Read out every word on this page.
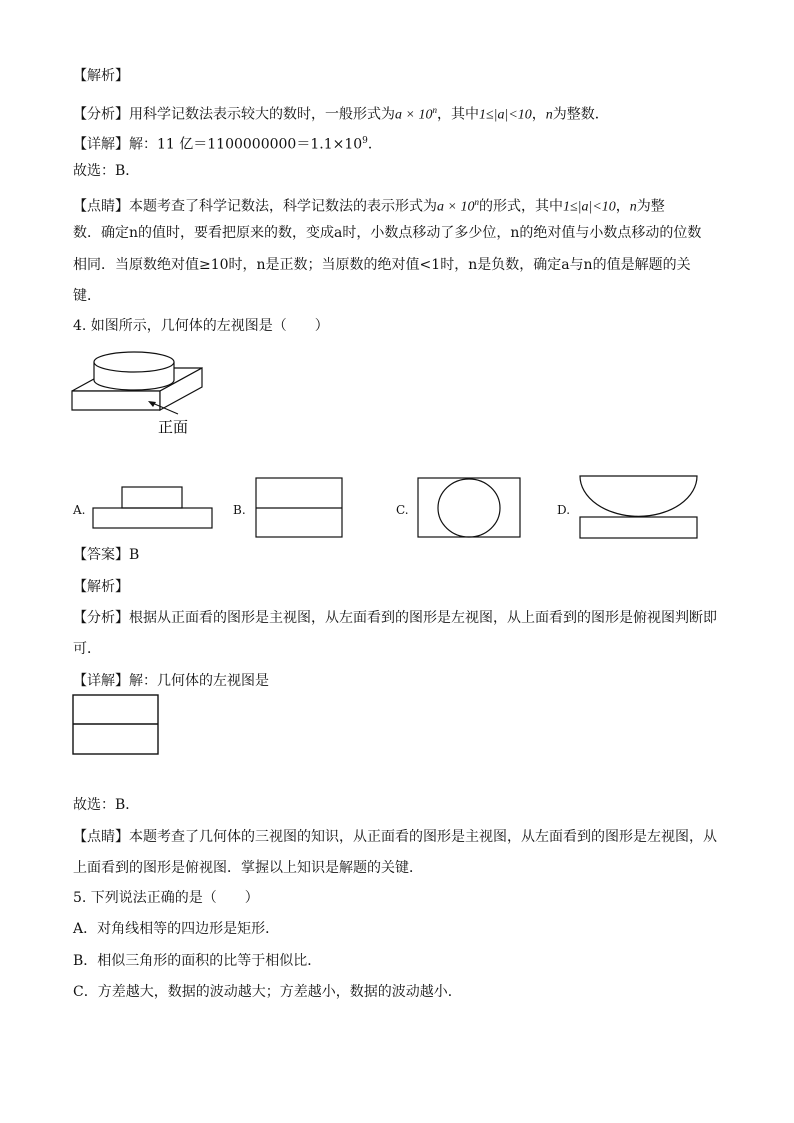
【解析】
【分析】用科学记数法表示较大的数时，一般形式为$a \times 10^n$，其中1≤|a|<10，n为整数．
【详解】解：11 亿$=1100000000=1.1\times 10^9$．
故选：B．
【点睛】本题考查了科学记数法，科学记数法的表示形式为$a \times 10^n$的形式，其中1≤|a|<10，n为整
数．确定n的值时，要看把原来的数，变成a时，小数点移动了多少位，n的绝对值与小数点移动的位数
相同．当原数绝对值≥10时，n是正数；当原数的绝对值<1时，n是负数，确定a与n的值是解题的关
键．
4. 如图所示，几何体的左视图是（　　）
正面
A.	B.	C.	D.
【答案】B
【解析】
【分析】根据从正面看的图形是主视图，从左面看到的图形是左视图，从上面看到的图形是俯视图判断即
可．
【详解】解：几何体的左视图是
故选：B．
【点睛】本题考查了几何体的三视图的知识，从正面看的图形是主视图，从左面看到的图形是左视图，从
上面看到的图形是俯视图．掌握以上知识是解题的关键．
5. 下列说法正确的是（　　）
A．对角线相等的四边形是矩形．
B．相似三角形的面积的比等于相似比．
C．方差越大，数据的波动越大；方差越小，数据的波动越小．
